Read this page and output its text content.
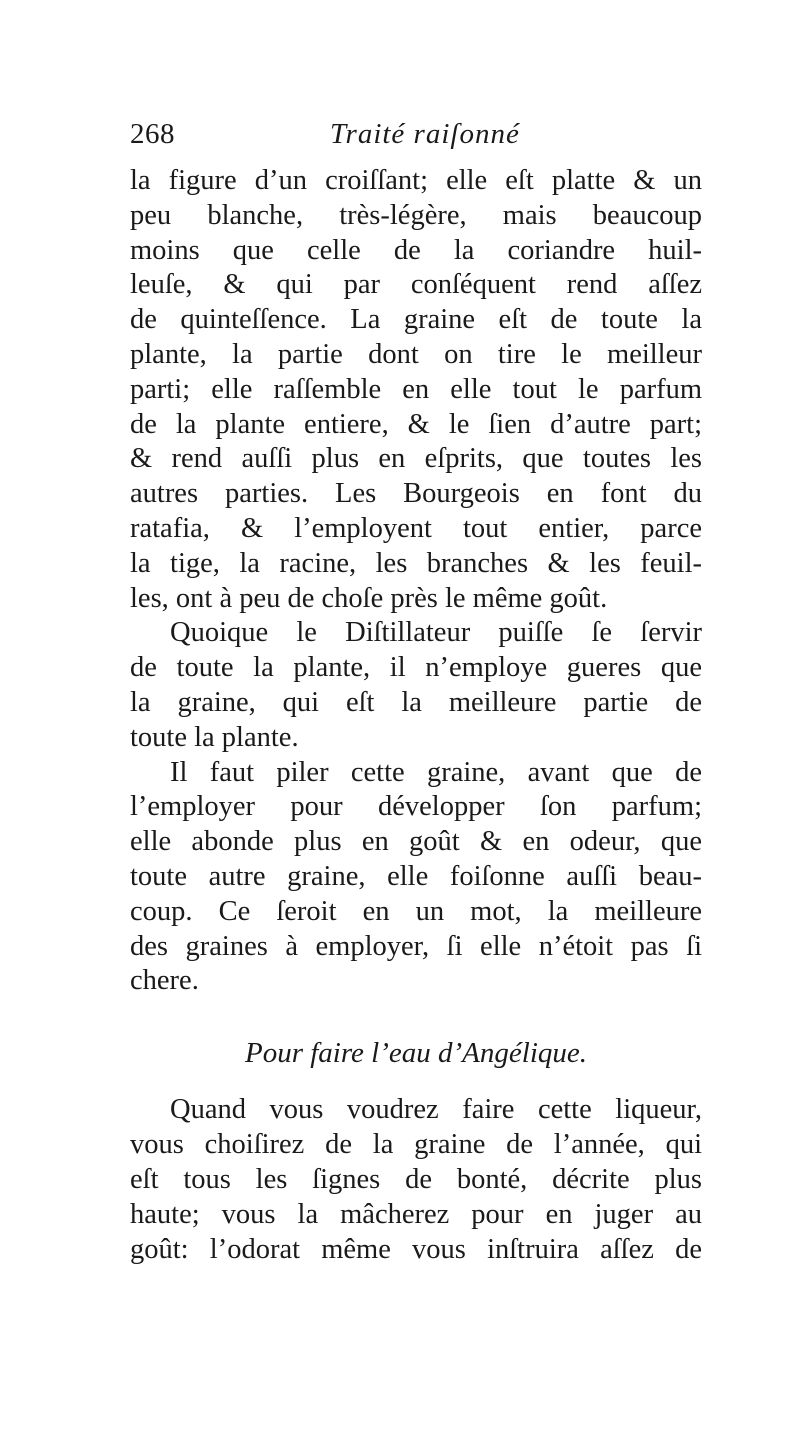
268	Traité raiſonné
la figure d’un croiſſant; elle eſt platte & un
peu blanche, très-légère, mais beaucoup
moins que celle de la coriandre huil-
leuſe, & qui par conſéquent rend aſſez
de quinteſſence. La graine eſt de toute la
plante, la partie dont on tire le meilleur
parti; elle raſſemble en elle tout le parfum
de la plante entiere, & le ſien d’autre part;
& rend auſſi plus en eſprits, que toutes les
autres parties. Les Bourgeois en font du
ratafia, & l’employent tout entier, parce
la tige, la racine, les branches & les feuil-
les, ont à peu de choſe près le même goût.
Quoique le Diſtillateur puiſſe ſe ſervir
de toute la plante, il n’employe gueres que
la graine, qui eſt la meilleure partie de
toute la plante.
Il faut piler cette graine, avant que de
l’employer pour développer ſon parfum;
elle abonde plus en goût & en odeur, que
toute autre graine, elle foiſonne auſſi beau-
coup. Ce ſeroit en un mot, la meilleure
des graines à employer, ſi elle n’étoit pas ſi
chere.
Pour faire l’eau d’Angélique.
Quand vous voudrez faire cette liqueur,
vous choiſirez de la graine de l’année, qui
eſt tous les ſignes de bonté, décrite plus
haute; vous la mâcherez pour en juger au
goût: l’odorat même vous inſtruira aſſez de
